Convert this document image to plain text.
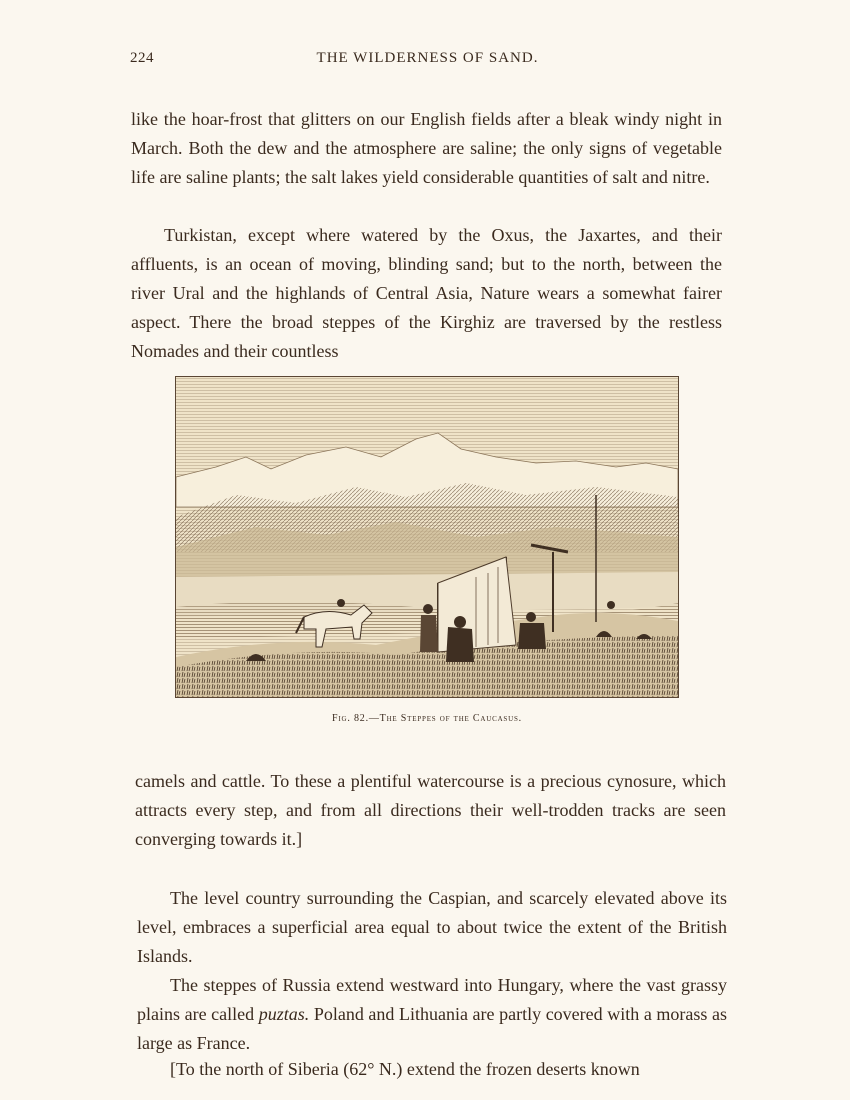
224	THE WILDERNESS OF SAND.

like the hoar-frost that glitters on our English fields after a bleak windy night in March. Both the dew and the atmosphere are saline; the only signs of vegetable life are saline plants; the salt lakes yield considerable quantities of salt and nitre.

Turkistan, except where watered by the Oxus, the Jaxartes, and their affluents, is an ocean of moving, blinding sand; but to the north, between the river Ural and the highlands of Central Asia, Nature wears a somewhat fairer aspect. There the broad steppes of the Kirghiz are traversed by the restless Nomades and their countless

Fig. 82.—The Steppes of the Caucasus.

camels and cattle. To these a plentiful watercourse is a precious cynosure, which attracts every step, and from all directions their well-trodden tracks are seen converging towards it.]

The level country surrounding the Caspian, and scarcely elevated above its level, embraces a superficial area equal to about twice the extent of the British Islands.

The steppes of Russia extend westward into Hungary, where the vast grassy plains are called puztas. Poland and Lithuania are partly covered with a morass as large as France.

[To the north of Siberia (62° N.) extend the frozen deserts known
